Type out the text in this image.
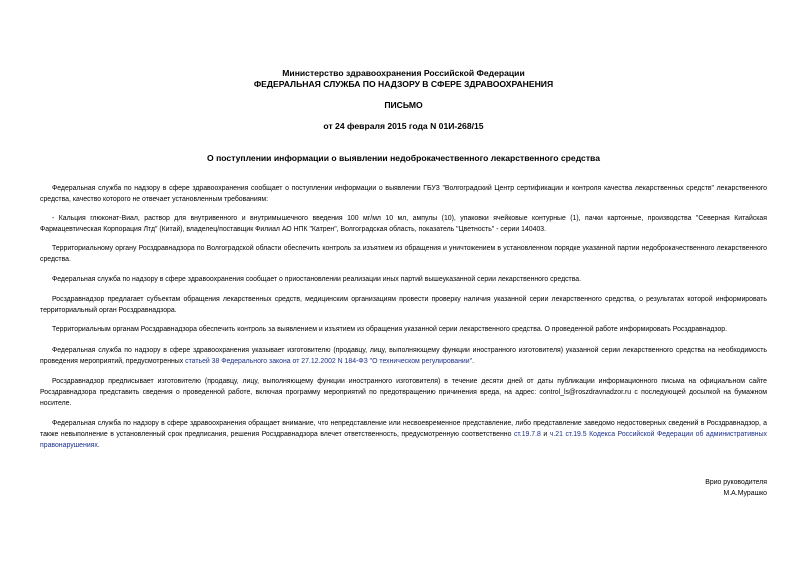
Министерство здравоохранения Российской Федерации
ФЕДЕРАЛЬНАЯ СЛУЖБА ПО НАДЗОРУ В СФЕРЕ ЗДРАВООХРАНЕНИЯ
ПИСЬМО
от 24 февраля 2015 года N 01И-268/15
О поступлении информации о выявлении недоброкачественного лекарственного средства
Федеральная служба по надзору в сфере здравоохранения сообщает о поступлении информации о выявлении ГБУЗ "Волгоградский Центр сертификации и контроля качества лекарственных средств" лекарственного средства, качество которого не отвечает установленным требованиям:
- Кальция глюконат-Виал, раствор для внутривенного и внутримышечного введения 100 мг/мл 10 мл, ампулы (10), упаковки ячейковые контурные (1), пачки картонные, производства "Северная Китайская Фармацевтическая Корпорация Лтд" (Китай), владелец/поставщик Филиал АО НПК "Катрен", Волгоградская область, показатель "Цветность" - серии 140403.
Территориальному органу Росздравнадзора по Волгоградской области обеспечить контроль за изъятием из обращения и уничтожением в установленном порядке указанной партии недоброкачественного лекарственного средства.
Федеральная служба по надзору в сфере здравоохранения сообщает о приостановлении реализации иных партий вышеуказанной серии лекарственного средства.
Росздравнадзор предлагает субъектам обращения лекарственных средств, медицинским организациям провести проверку наличия указанной серии лекарственного средства, о результатах которой информировать территориальный орган Росздравнадзора.
Территориальным органам Росздравнадзора обеспечить контроль за выявлением и изъятием из обращения указанной серии лекарственного средства. О проведенной работе информировать Росздравнадзор.
Федеральная служба по надзору в сфере здравоохранения указывает изготовителю (продавцу, лицу, выполняющему функции иностранного изготовителя) указанной серии лекарственного средства на необходимость проведения мероприятий, предусмотренных статьей 38 Федерального закона от 27.12.2002 N 184-ФЗ "О техническом регулировании".
Росздравнадзор предписывает изготовителю (продавцу, лицу, выполняющему функции иностранного изготовителя) в течение десяти дней от даты публикации информационного письма на официальном сайте Росздравнадзора представить сведения о проведенной работе, включая программу мероприятий по предотвращению причинения вреда, на адрес: control_ls@roszdravnadzor.ru с последующей досылкой на бумажном носителе.
Федеральная служба по надзору в сфере здравоохранения обращает внимание, что непредставление или несвоевременное представление, либо представление заведомо недостоверных сведений в Росздравнадзор, а также невыполнение в установленный срок предписания, решения Росздравнадзора влечет ответственность, предусмотренную соответственно ст.19.7.8 и ч.21 ст.19.5 Кодекса Российской Федерации об административных правонарушениях.
Врио руководителя
М.А.Мурашко
